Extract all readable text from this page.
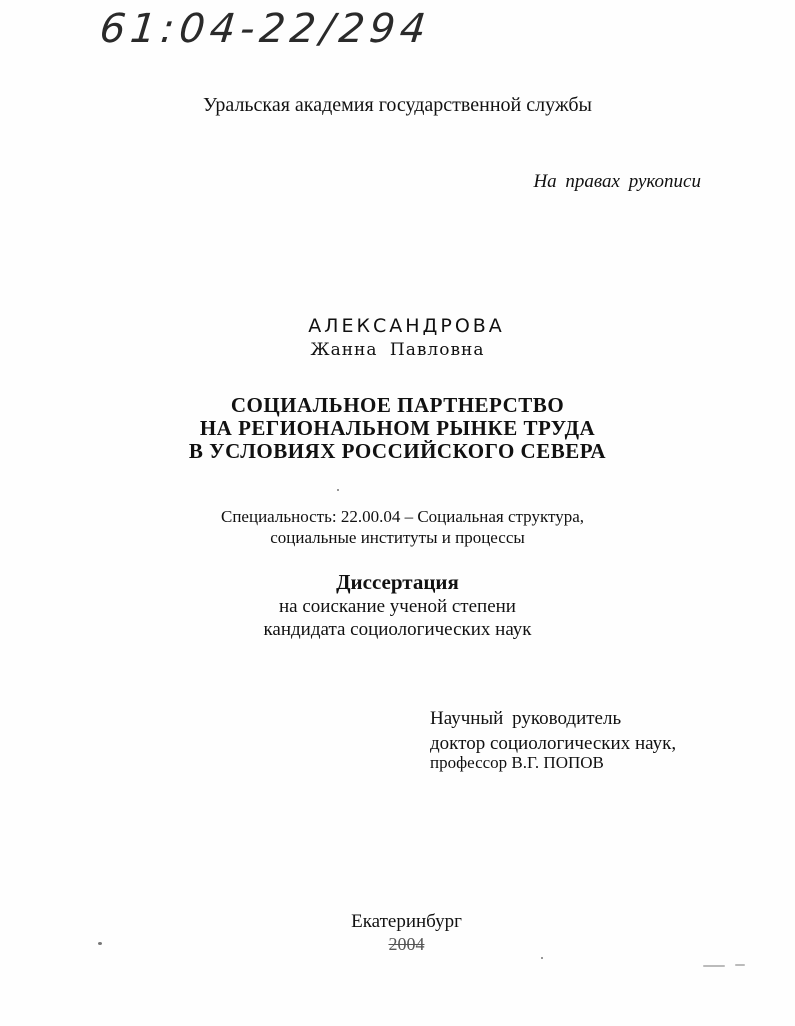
61:04-22/294
Уральская академия государственной службы
На правах рукописи
АЛЕКСАНДРОВА
Жанна Павловна
СОЦИАЛЬНОЕ ПАРТНЕРСТВО
НА РЕГИОНАЛЬНОМ РЫНКЕ ТРУДА
В УСЛОВИЯХ РОССИЙСКОГО СЕВЕРА
Специальность: 22.00.04 – Социальная структура,
социальные институты и процессы
Диссертация
на соискание ученой степени
кандидата социологических наук
Научный руководитель
доктор социологических наук,
профессор В.Г. ПОПОВ
Екатеринбург
2004
